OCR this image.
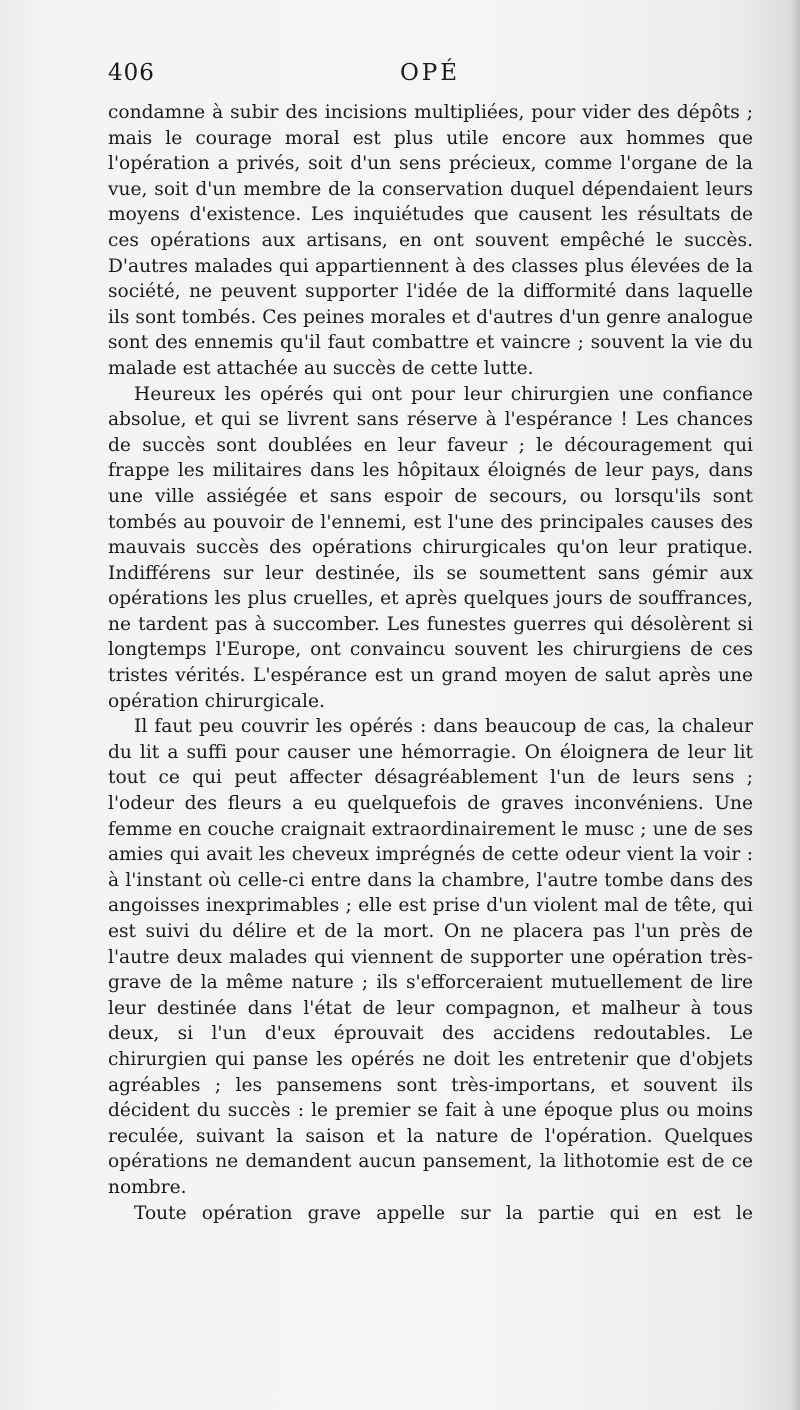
406	OPÉ

condamne à subir des incisions multipliées, pour vider des dépôts ; mais le courage moral est plus utile encore aux hommes que l'opération a privés, soit d'un sens précieux, comme l'organe de la vue, soit d'un membre de la conservation duquel dépendaient leurs moyens d'existence. Les inquiétudes que causent les résultats de ces opérations aux artisans, en ont souvent empêché le succès. D'autres malades qui appartiennent à des classes plus élevées de la société, ne peuvent supporter l'idée de la difformité dans laquelle ils sont tombés. Ces peines morales et d'autres d'un genre analogue sont des ennemis qu'il faut combattre et vaincre ; souvent la vie du malade est attachée au succès de cette lutte.

Heureux les opérés qui ont pour leur chirurgien une confiance absolue, et qui se livrent sans réserve à l'espérance ! Les chances de succès sont doublées en leur faveur ; le découragement qui frappe les militaires dans les hôpitaux éloignés de leur pays, dans une ville assiégée et sans espoir de secours, ou lorsqu'ils sont tombés au pouvoir de l'ennemi, est l'une des principales causes des mauvais succès des opérations chirurgicales qu'on leur pratique. Indifférens sur leur destinée, ils se soumettent sans gémir aux opérations les plus cruelles, et après quelques jours de souffrances, ne tardent pas à succomber. Les funestes guerres qui désolèrent si longtemps l'Europe, ont convaincu souvent les chirurgiens de ces tristes vérités. L'espérance est un grand moyen de salut après une opération chirurgicale.

Il faut peu couvrir les opérés : dans beaucoup de cas, la chaleur du lit a suffi pour causer une hémorragie. On éloignera de leur lit tout ce qui peut affecter désagréablement l'un de leurs sens ; l'odeur des fleurs a eu quelquefois de graves inconvéniens. Une femme en couche craignait extraordinairement le musc ; une de ses amies qui avait les cheveux imprégnés de cette odeur vient la voir : à l'instant où celle-ci entre dans la chambre, l'autre tombe dans des angoisses inexprimables ; elle est prise d'un violent mal de tête, qui est suivi du délire et de la mort. On ne placera pas l'un près de l'autre deux malades qui viennent de supporter une opération très-grave de la même nature ; ils s'efforceraient mutuellement de lire leur destinée dans l'état de leur compagnon, et malheur à tous deux, si l'un d'eux éprouvait des accidens redoutables. Le chirurgien qui panse les opérés ne doit les entretenir que d'objets agréables ; les pansemens sont très-importans, et souvent ils décident du succès : le premier se fait à une époque plus ou moins reculée, suivant la saison et la nature de l'opération. Quelques opérations ne demandent aucun pansement, la lithotomie est de ce nombre.

Toute opération grave appelle sur la partie qui en est le
